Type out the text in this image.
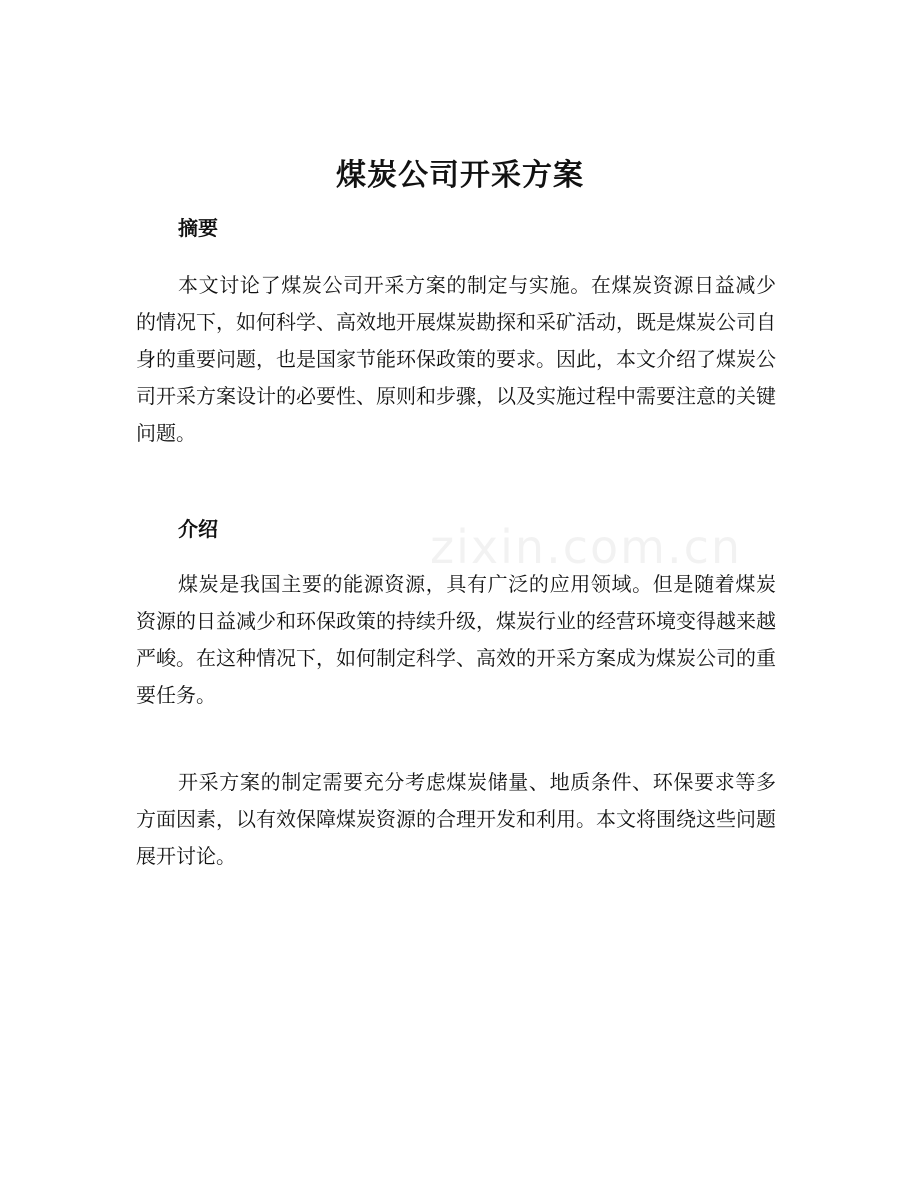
zixin.com.cn
煤炭公司开采方案
摘要

本文讨论了煤炭公司开采方案的制定与实施。在煤炭资源日益减少的情况下，如何科学、高效地开展煤炭勘探和采矿活动，既是煤炭公司自身的重要问题，也是国家节能环保政策的要求。因此，本文介绍了煤炭公司开采方案设计的必要性、原则和步骤，以及实施过程中需要注意的关键问题。

介绍

煤炭是我国主要的能源资源，具有广泛的应用领域。但是随着煤炭资源的日益减少和环保政策的持续升级，煤炭行业的经营环境变得越来越严峻。在这种情况下，如何制定科学、高效的开采方案成为煤炭公司的重要任务。

开采方案的制定需要充分考虑煤炭储量、地质条件、环保要求等多方面因素，以有效保障煤炭资源的合理开发和利用。本文将围绕这些问题展开讨论。
